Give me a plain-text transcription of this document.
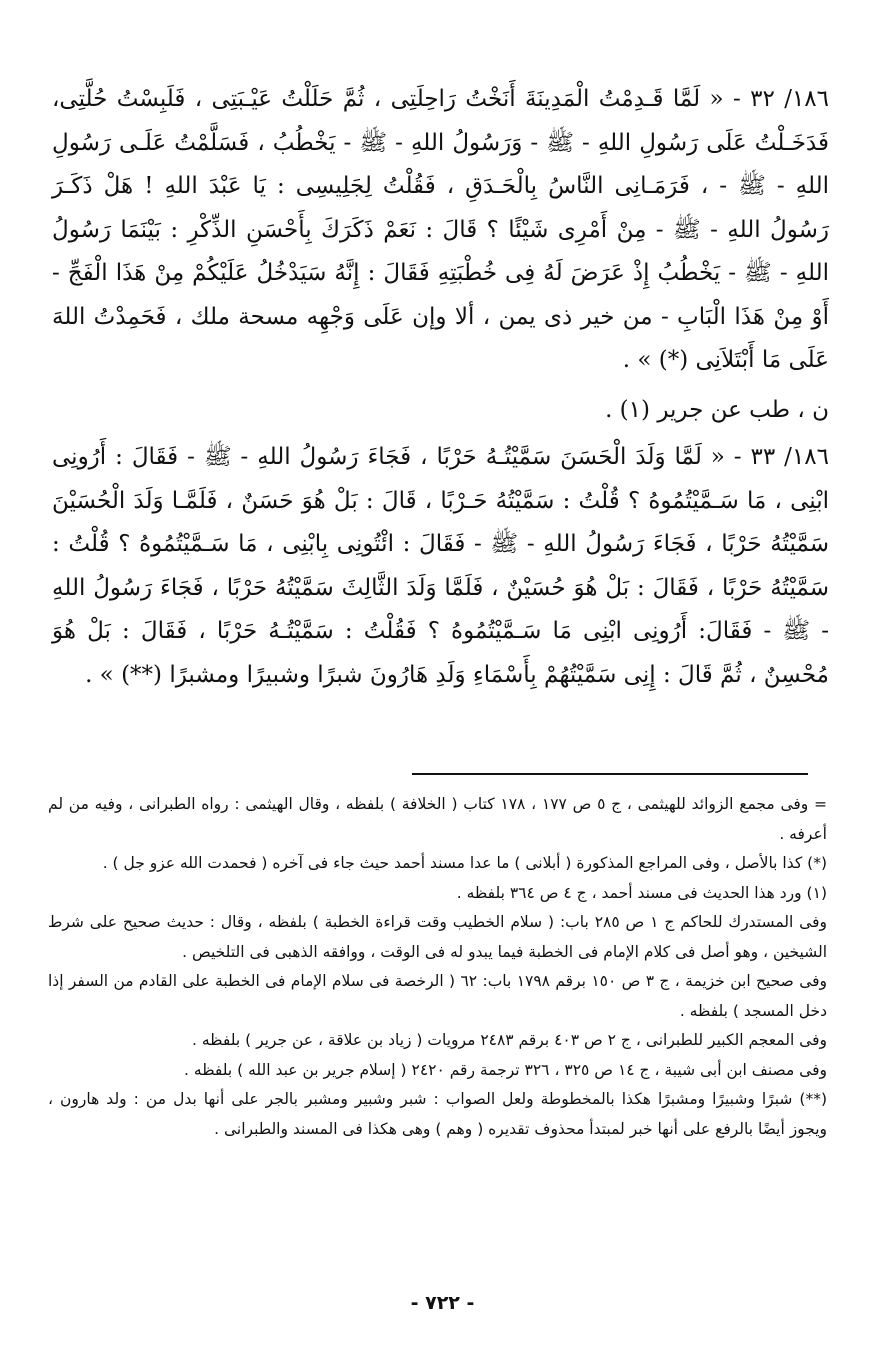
١٨٦/ ٣٢ - « لَمَّا قَـدِمْتُ الْمَدِينَةَ أَنَخْتُ رَاحِلَتِى ، ثُمَّ حَلَلْتُ عَيْـبَتِى ، فَلَبِسْتُ حُلَّتِى، فَدَخَـلْتُ عَلَى رَسُولِ اللهِ - ﷺ - وَرَسُولُ اللهِ - ﷺ - يَخْطُبُ ، فَسَلَّمْتُ عَلَـى رَسُولِ اللهِ - ﷺ - ، فَرَمَـانِى النَّاسُ بِالْحَـدَقِ ، فَقُلْتُ لِجَلِيسِى : يَا عَبْدَ اللهِ ! هَلْ ذَكَـرَ رَسُولُ اللهِ - ﷺ - مِنْ أَمْرِى شَيْئًا ؟ قَالَ : نَعَمْ ذَكَرَكَ بِأَحْسَنِ الذِّكْرِ : بَيْنَمَا رَسُولُ اللهِ - ﷺ - يَخْطُبُ إِذْ عَرَضَ لَهُ فِى خُطْبَتِهِ فَقَالَ : إِنَّهُ سَيَدْخُلُ عَلَيْكُمْ مِنْ هَذَا الْفَجِّ - أَوْ مِنْ هَذَا الْبَابِ - من خير ذى يمن ، ألا وإن عَلَى وَجْهِه مسحة ملك ، فَحَمِدْتُ اللهَ عَلَى مَا أَبْتَلاَنِى (*) » .

ن ، طب عن جرير (١) .

١٨٦/ ٣٣ - « لَمَّا وَلَدَ الْحَسَنَ سَمَّيْتُـهُ حَرْبًا ، فَجَاءَ رَسُولُ اللهِ - ﷺ - فَقَالَ : أَرُونِى ابْنِى ، مَا سَـمَّيْتُمُوهُ ؟ قُلْتُ : سَمَّيْتُهُ حَـرْبًا ، قَالَ : بَلْ هُوَ حَسَنٌ ، فَلَمَّـا وَلَدَ الْحُسَيْنَ سَمَّيْتُهُ حَرْبًا ، فَجَاءَ رَسُولُ اللهِ - ﷺ - فَقَالَ : ائْتُونِى بِابْنِى ، مَا سَـمَّيْتُمُوهُ ؟ قُلْتُ : سَمَّيْتُهُ حَرْبًا ، فَقَالَ : بَلْ هُوَ حُسَيْنٌ ، فَلَمَّا وَلَدَ الثَّالِثَ سَمَّيْتُهُ حَرْبًا ، فَجَاءَ رَسُولُ اللهِ - ﷺ - فَقَالَ: أَرُونِى ابْنِى مَا سَـمَّيْتُمُوهُ ؟ فَقُلْتُ : سَمَّيْتُـهُ حَرْبًا ، فَقَالَ : بَلْ هُوَ مُحْسِنٌ ، ثُمَّ قَالَ : إِنِى سَمَّيْتُهُمْ بِأَسْمَاءِ وَلَدِ هَارُونَ شبرًا وشبيرًا ومشبرًا (**) » .

= وفى مجمع الزوائد للهيثمى ، ج ٥ ص ١٧٧ ، ١٧٨ كتاب ( الخلافة ) بلفظه ، وقال الهيثمى : رواه الطبرانى ، وفيه من لم أعرفه .

(*) كذا بالأصل ، وفى المراجع المذكورة ( أبلانى ) ما عدا مسند أحمد حيث جاء فى آخره ( فحمدت الله عزو جل ) .

(١) ورد هذا الحديث فى مسند أحمد ، ج ٤ ص ٣٦٤ بلفظه .

وفى المستدرك للحاكم ج ١ ص ٢٨٥ باب: ( سلام الخطيب وقت قراءة الخطبة ) بلفظه ، وقال : حديث صحيح على شرط الشيخين ، وهو أصل فى كلام الإمام فى الخطبة فيما يبدو له فى الوقت ، ووافقه الذهبى فى التلخيص .

وفى صحيح ابن خزيمة ، ج ٣ ص ١٥٠ برقم ١٧٩٨ باب: ٦٢ ( الرخصة فى سلام الإمام فى الخطبة على القادم من السفر إذا دخل المسجد ) بلفظه .

وفى المعجم الكبير للطبرانى ، ج ٢ ص ٤٠٣ برقم ٢٤٨٣ مرويات ( زياد بن علاقة ، عن جرير ) بلفظه .

وفى مصنف ابن أبى شيبة ، ج ١٤ ص ٣٢٥ ، ٣٢٦ ترجمة رقم ٢٤٢٠ ( إسلام جرير بن عبد الله ) بلفظه .

(**) شبرًا وشبيرًا ومشبرًا هكذا بالمخطوطة ولعل الصواب : شبر وشبير ومشبر بالجر على أنها بدل من : ولد هارون ، ويجوز أيضًا بالرفع على أنها خبر لمبتدأ محذوف تقديره ( وهم ) وهى هكذا فى المسند والطبرانى .

- ٧٢٢ -
